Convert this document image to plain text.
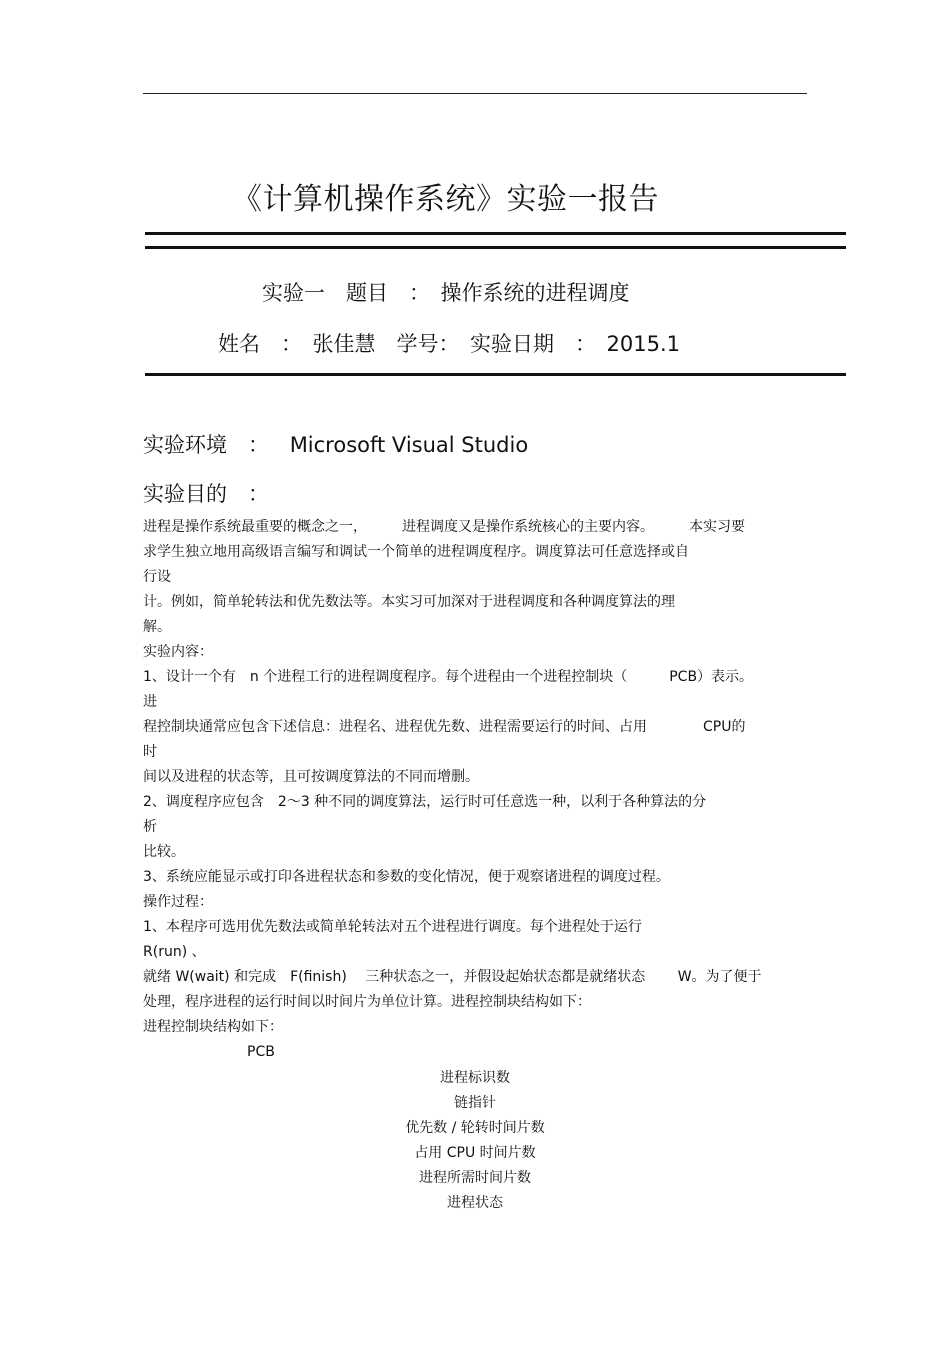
《计算机操作系统》实验一报告
实验一　题目　：　操作系统的进程调度
姓名　：　张佳慧　学号：　实验日期　：　2015.1
实验环境　： Microsoft Visual Studio
实验目的　：
进程是操作系统最重要的概念之一，　　　进程调度又是操作系统核心的主要内容。　　　本实习要
求学生独立地用高级语言编写和调试一个简单的进程调度程序。调度算法可任意选择或自
行设
计。例如，简单轮转法和优先数法等。本实习可加深对于进程调度和各种调度算法的理
解。
实验内容：
1、设计一个有　n 个进程工行的进程调度程序。每个进程由一个进程控制块（　　　PCB）表示。
进
程控制块通常应包含下述信息：进程名、进程优先数、进程需要运行的时间、占用　　　　CPU的
时
间以及进程的状态等，且可按调度算法的不同而增删。
2、调度程序应包含　2～3 种不同的调度算法，运行时可任意选一种，以利于各种算法的分
析
比较。
3、系统应能显示或打印各进程状态和参数的变化情况，便于观察诸进程的调度过程。
操作过程：
1、本程序可选用优先数法或简单轮转法对五个进程进行调度。每个进程处于运行
R(run) 、
就绪 W(wait) 和完成　F(finish)　 三种状态之一，并假设起始状态都是就绪状态　　 W。为了便于
处理，程序进程的运行时间以时间片为单位计算。进程控制块结构如下：
进程控制块结构如下：
PCB
进程标识数
链指针
优先数 / 轮转时间片数
占用 CPU 时间片数
进程所需时间片数
进程状态
